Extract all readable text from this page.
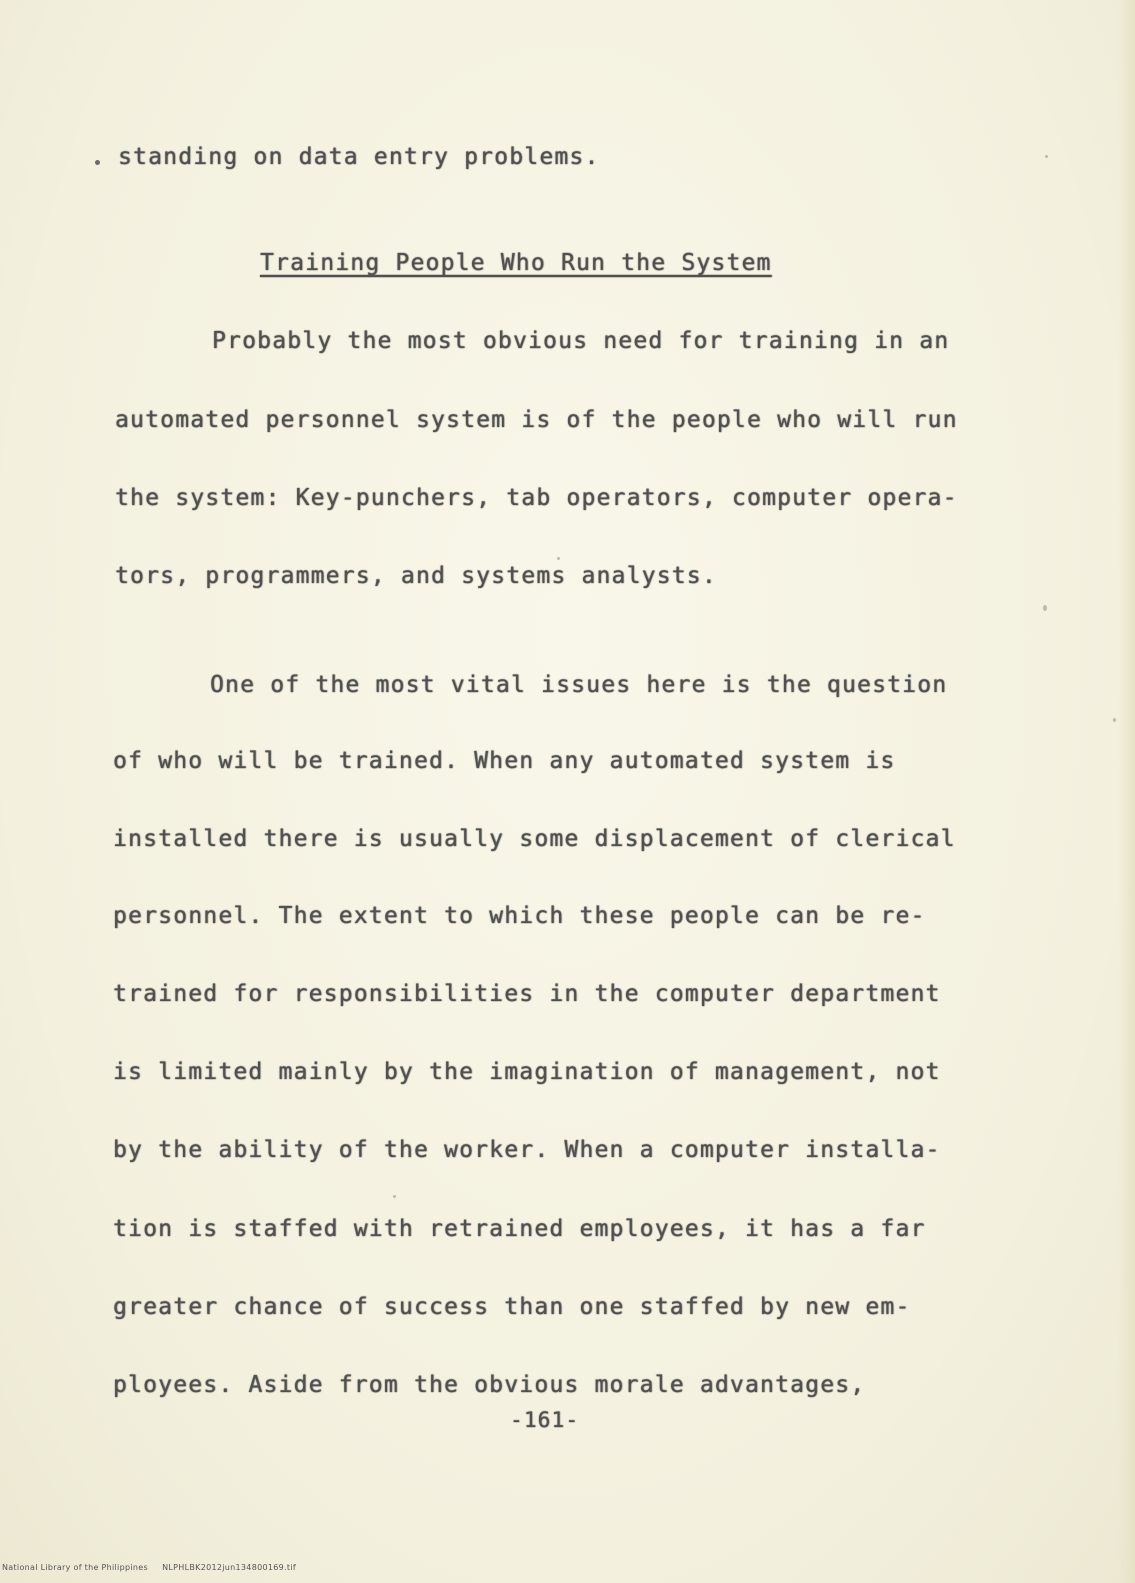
standing on data entry problems.
Training People Who Run the System
Probably the most obvious need for training in an
automated personnel system is of the people who will run
the system: Key-punchers, tab operators, computer opera-
tors, programmers, and systems analysts.
One of the most vital issues here is the question
of who will be trained. When any automated system is
installed there is usually some displacement of clerical
personnel. The extent to which these people can be re-
trained for responsibilities in the computer department
is limited mainly by the imagination of management, not
by the ability of the worker. When a computer installa-
tion is staffed with retrained employees, it has a far
greater chance of success than one staffed by new em-
ployees. Aside from the obvious morale advantages,
-161-
National Library of the Philippines     NLPHLBK2012jun134800169.tif
